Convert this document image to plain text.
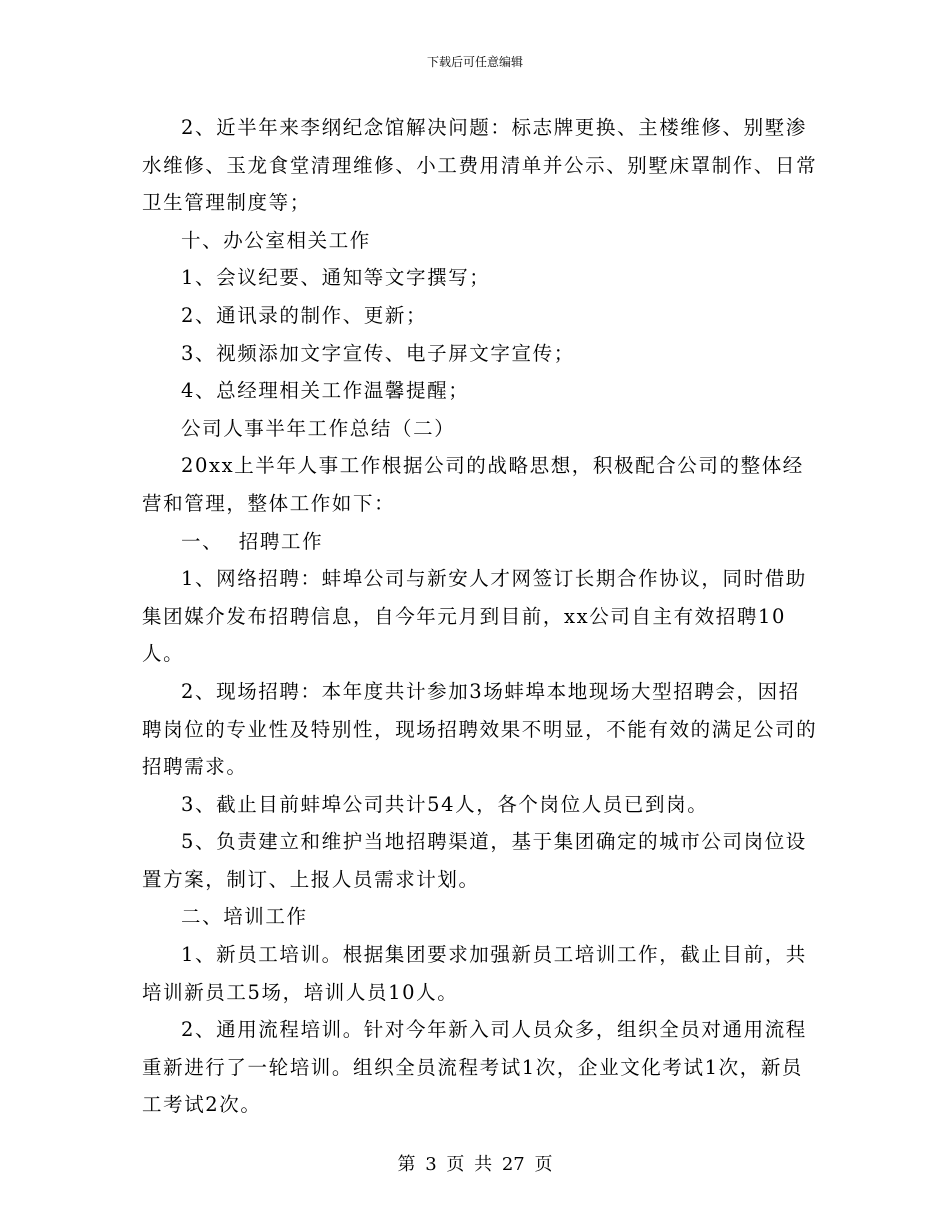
下载后可任意编辑

2、近半年来李纲纪念馆解决问题：标志牌更换、主楼维修、别墅渗水维修、玉龙食堂清理维修、小工费用清单并公示、别墅床罩制作、日常卫生管理制度等；

十、办公室相关工作

1、会议纪要、通知等文字撰写；

2、通讯录的制作、更新；

3、视频添加文字宣传、电子屏文字宣传；

4、总经理相关工作温馨提醒；

公司人事半年工作总结（二）

20xx上半年人事工作根据公司的战略思想，积极配合公司的整体经营和管理，整体工作如下：

一、  招聘工作

1、网络招聘：蚌埠公司与新安人才网签订长期合作协议，同时借助集团媒介发布招聘信息，自今年元月到目前，xx公司自主有效招聘10人。

2、现场招聘：本年度共计参加3场蚌埠本地现场大型招聘会，因招聘岗位的专业性及特别性，现场招聘效果不明显，不能有效的满足公司的招聘需求。

3、截止目前蚌埠公司共计54人，各个岗位人员已到岗。

5、负责建立和维护当地招聘渠道，基于集团确定的城市公司岗位设置方案，制订、上报人员需求计划。

二、培训工作

1、新员工培训。根据集团要求加强新员工培训工作，截止目前，共培训新员工5场，培训人员10人。

2、通用流程培训。针对今年新入司人员众多，组织全员对通用流程重新进行了一轮培训。组织全员流程考试1次，企业文化考试1次，新员工考试2次。

第 3 页 共 27 页
